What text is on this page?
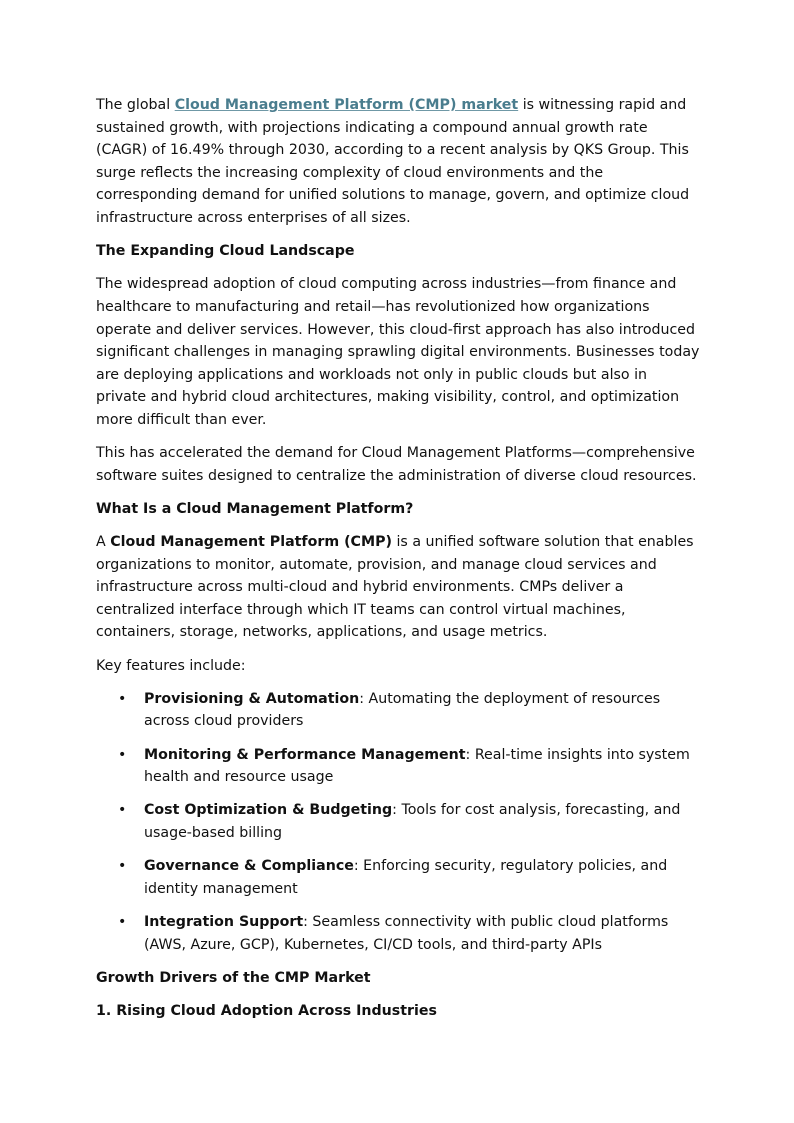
The global Cloud Management Platform (CMP) market is witnessing rapid and sustained growth, with projections indicating a compound annual growth rate (CAGR) of 16.49% through 2030, according to a recent analysis by QKS Group. This surge reflects the increasing complexity of cloud environments and the corresponding demand for unified solutions to manage, govern, and optimize cloud infrastructure across enterprises of all sizes.

The Expanding Cloud Landscape

The widespread adoption of cloud computing across industries—from finance and healthcare to manufacturing and retail—has revolutionized how organizations operate and deliver services. However, this cloud-first approach has also introduced significant challenges in managing sprawling digital environments. Businesses today are deploying applications and workloads not only in public clouds but also in private and hybrid cloud architectures, making visibility, control, and optimization more difficult than ever.

This has accelerated the demand for Cloud Management Platforms—comprehensive software suites designed to centralize the administration of diverse cloud resources.

What Is a Cloud Management Platform?

A Cloud Management Platform (CMP) is a unified software solution that enables organizations to monitor, automate, provision, and manage cloud services and infrastructure across multi-cloud and hybrid environments. CMPs deliver a centralized interface through which IT teams can control virtual machines, containers, storage, networks, applications, and usage metrics.

Key features include:

• Provisioning & Automation: Automating the deployment of resources across cloud providers
• Monitoring & Performance Management: Real-time insights into system health and resource usage
• Cost Optimization & Budgeting: Tools for cost analysis, forecasting, and usage-based billing
• Governance & Compliance: Enforcing security, regulatory policies, and identity management
• Integration Support: Seamless connectivity with public cloud platforms (AWS, Azure, GCP), Kubernetes, CI/CD tools, and third-party APIs

Growth Drivers of the CMP Market

1. Rising Cloud Adoption Across Industries
